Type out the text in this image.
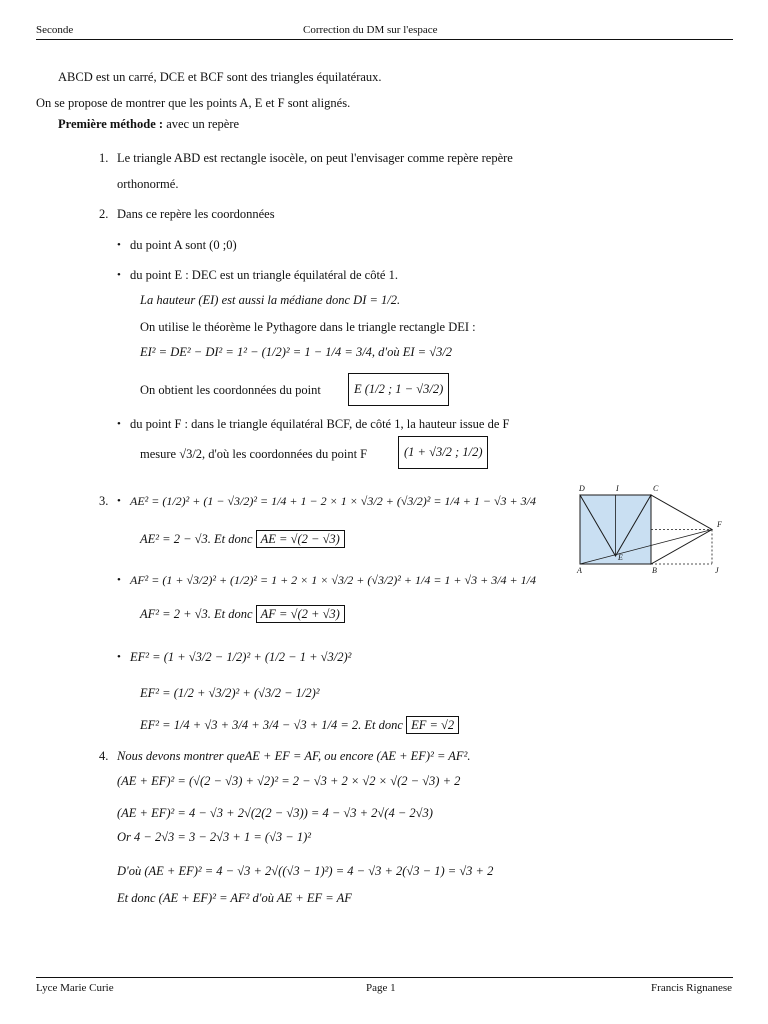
Seconde	Correction du DM sur l'espace
ABCD est un carré, DCE et BCF sont des triangles équilatéraux.
On se propose de montrer que les points A, E et F sont alignés.
Première méthode : avec un repère
1. Le triangle ABD est rectangle isocèle, on peut l'envisager comme repère repère
orthonormé.
2. Dans ce repère les coordonnées
• du point A sont (0 ;0)
• du point E : DEC est un triangle équilatéral de côté 1.
La hauteur (EI) est aussi la médiane donc DI = 1/2.
On utilise le théorème le Pythagore dans le triangle rectangle DEI :
EI² = DE² − DI² = 1² − (1/2)² = 1 − 1/4 = 3/4, d'où EI = √3/2
On obtient les coordonnées du point	E (1/2 ; 1 − √3/2)
• du point F : dans le triangle équilatéral BCF, de côté 1, la hauteur issue de F
mesure √3/2, d'où les coordonnées du point F	(1 + √3/2 ; 1/2)
3. • AE² = (1/2)² + (1 − √3/2)² = 1/4 + 1 − 2 × 1 × √3/2 + (√3/2)² = 1/4 + 1 − √3 + 3/4
AE² = 2 − √3. Et donc AE = √(2 − √3)
• AF² = (1 + √3/2)² + (1/2)² = 1 + 2 × 1 × √3/2 + (√3/2)² + 1/4 = 1 + √3 + 3/4 + 1/4
AF² = 2 + √3. Et donc AF = √(2 + √3)
• EF² = (1 + √3/2 − 1/2)² + (1/2 − 1 + √3/2)²
EF² = (1/2 + √3/2)² + (√3/2 − 1/2)²
EF² = 1/4 + √3 + 3/4 + 3/4 − √3 + 1/4 = 2. Et donc EF = √2
4. Nous devons montrer queAE + EF = AF, ou encore (AE + EF)² = AF².
(AE + EF)² = (√(2 − √3) + √2)² = 2 − √3 + 2 × √2 × √(2 − √3) + 2
(AE + EF)² = 4 − √3 + 2√(2(2 − √3)) = 4 − √3 + 2√(4 − 2√3)
Or 4 − 2√3 = 3 − 2√3 + 1 = (√3 − 1)²
D'où (AE + EF)² = 4 − √3 + 2√((√3 − 1)²) = 4 − √3 + 2(√3 − 1) = √3 + 2
Et donc (AE + EF)² = AF² d'où AE + EF = AF
D	I	C
F
E
A	B	J
Lyce Marie Curie	Page 1	Francis Rignanese
